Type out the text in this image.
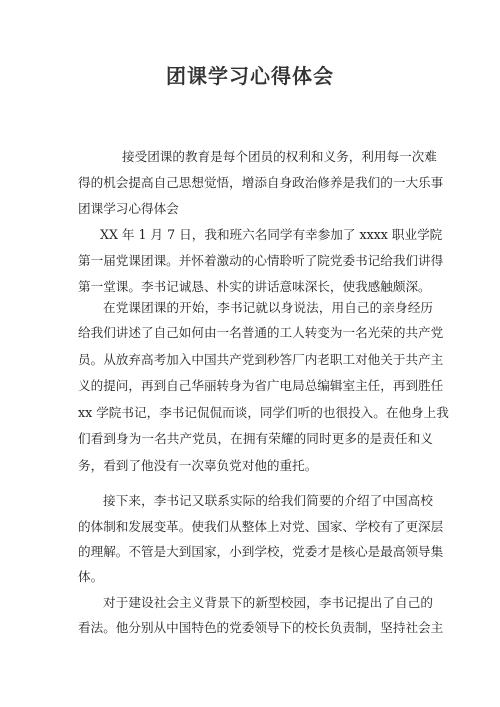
团课学习心得体会
接受团课的教育是每个团员的权利和义务，利用每一次难
得的机会提高自己思想觉悟，增添自身政治修养是我们的一大乐事
团课学习心得体会
XX 年 1 月 7 日，我和班六名同学有幸参加了 xxxx 职业学院
第一届党课团课。并怀着激动的心情聆听了院党委书记给我们讲得
第一堂课。李书记诚恳、朴实的讲话意味深长，使我感触颇深。
在党课团课的开始，李书记就以身说法，用自己的亲身经历
给我们讲述了自己如何由一名普通的工人转变为一名光荣的共产党
员。从放弃高考加入中国共产党到秒答厂内老职工对他关于共产主
义的提问，再到自己华丽转身为省广电局总编辑室主任，再到胜任
xx 学院书记，李书记侃侃而谈，同学们听的也很投入。在他身上我
们看到身为一名共产党员，在拥有荣耀的同时更多的是责任和义
务，看到了他没有一次辜负党对他的重托。
接下来，李书记又联系实际的给我们简要的介绍了中国高校
的体制和发展变革。使我们从整体上对党、国家、学校有了更深层
的理解。不管是大到国家，小到学校，党委才是核心是最高领导集
体。
对于建设社会主义背景下的新型校园，李书记提出了自己的
看法。他分别从中国特色的党委领导下的校长负责制，坚持社会主
